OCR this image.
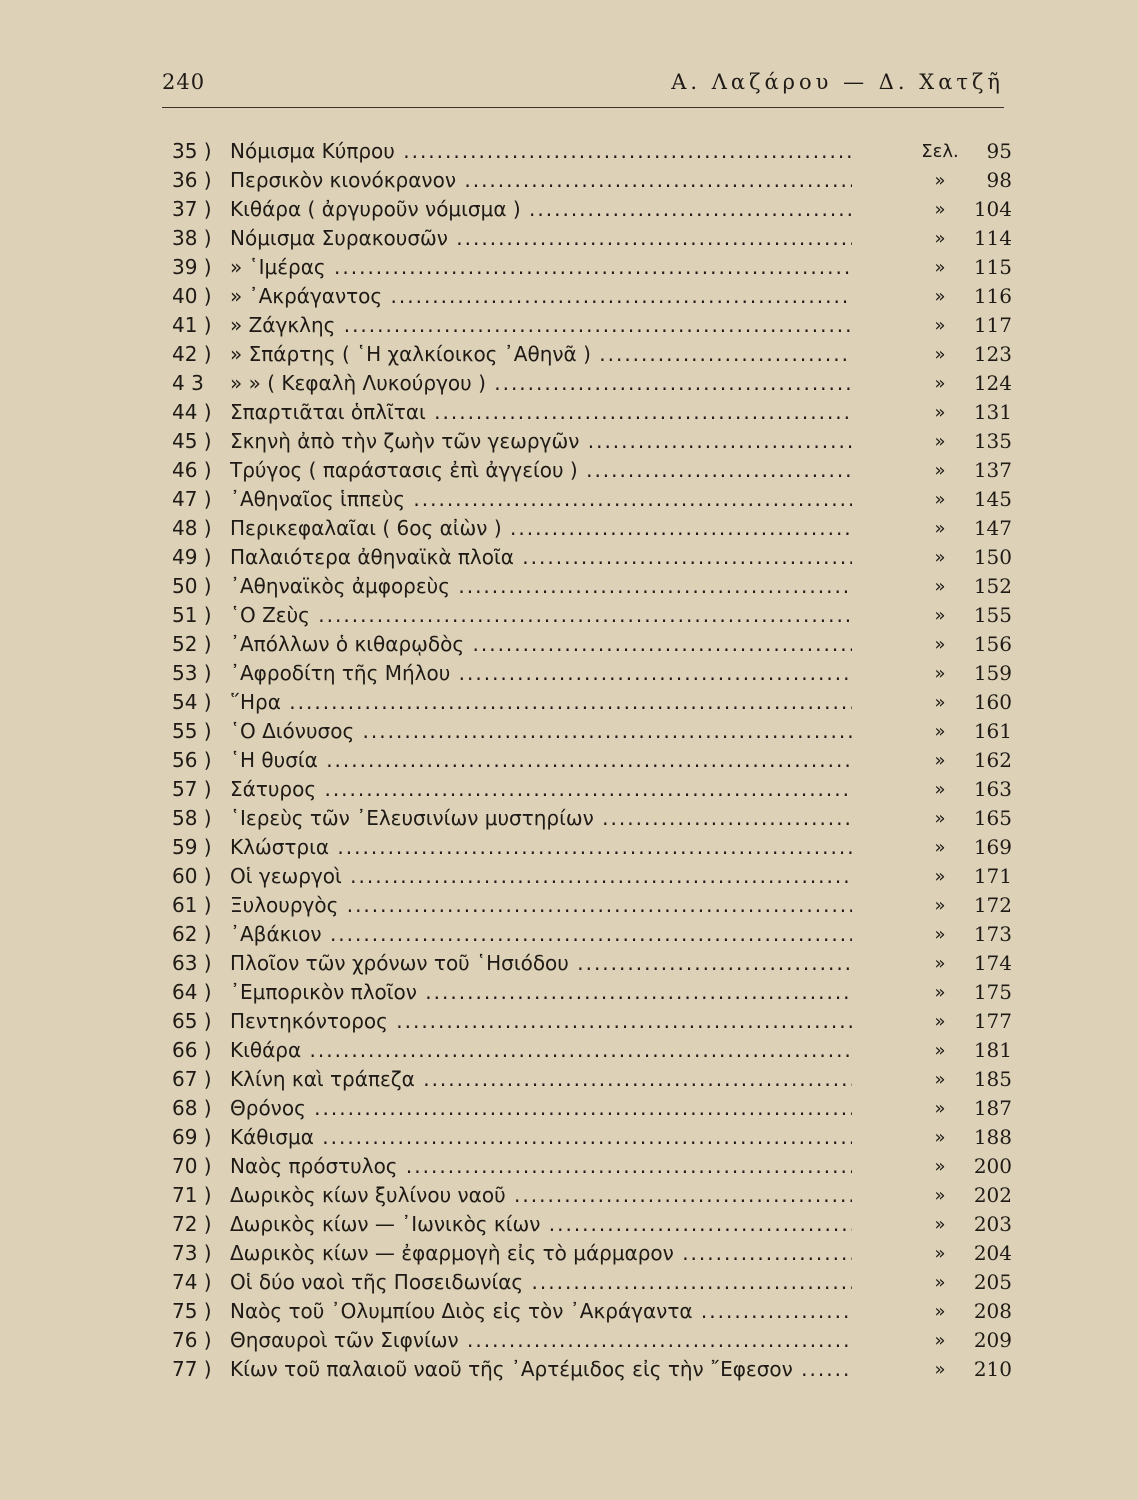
240	Α. Λαζάρου — Δ. Χατζῆ
35 ) Νόμισμα Κύπρου .....	Σελ.	95
36 ) Περσικὸν κιονόκρανον .....	»	98
37 ) Κιθάρα ( ἀργυροῦν νόμισμα ) .....	»	104
38 ) Νόμισμα Συρακουσῶν .....	»	114
39 ) » ῾Ιμέρας .....	»	115
40 ) » ᾿Ακράγαντος .....	»	116
41 ) » Ζάγκλης .....	»	117
42 ) » Σπάρτης ( ῾Η χαλκίοικος ᾿Αθηνᾶ ) .....	»	123
4 3	» » ( Κεφαλὴ Λυκούργου ) .....	»	124
44 ) Σπαρτιᾶται ὁπλῖται .....	»	131
45 ) Σκηνὴ ἀπὸ τὴν ζωὴν τῶν γεωργῶν .....	»	135
46 ) Τρύγος ( παράστασις ἐπὶ ἀγγείου ) .....	»	137
47 ) ᾿Αθηναῖος ἱππεὺς .....	»	145
48 ) Περικεφαλαῖαι ( 6ος αἰὼν ) .....	»	147
49 ) Παλαιότερα ἀθηναϊκὰ πλοῖα .....	»	150
50 ) ᾿Αθηναϊκὸς ἀμφορεὺς .....	»	152
51 ) ῾Ο Ζεὺς .....	»	155
52 ) ᾿Απόλλων ὁ κιθαρῳδὸς .....	»	156
53 ) ᾿Αφροδίτη τῆς Μήλου .....	»	159
54 ) ῞Ηρα .....	»	160
55 ) ῾Ο Διόνυσος .....	»	161
56 ) ῾Η θυσία .....	»	162
57 ) Σάτυρος .....	»	163
58 ) ῾Ιερεὺς τῶν ᾿Ελευσινίων μυστηρίων .....	»	165
59 ) Κλώστρια .....	»	169
60 ) Οἱ γεωργοὶ .....	»	171
61 ) Ξυλουργὸς .....	»	172
62 ) ᾿Αβάκιον .....	»	173
63 ) Πλοῖον τῶν χρόνων τοῦ ῾Ησιόδου .....	»	174
64 ) ᾿Εμπορικὸν πλοῖον .....	»	175
65 ) Πεντηκόντορος .....	»	177
66 ) Κιθάρα .....	»	181
67 ) Κλίνη καὶ τράπεζα .....	»	185
68 ) Θρόνος .....	»	187
69 ) Κάθισμα .....	»	188
70 ) Ναὸς πρόστυλος .....	»	200
71 ) Δωρικὸς κίων ξυλίνου ναοῦ .....	»	202
72 ) Δωρικὸς κίων — ᾿Ιωνικὸς κίων .....	»	203
73 ) Δωρικὸς κίων — ἐφαρμογὴ εἰς τὸ μάρμαρον .....	»	204
74 ) Οἱ δύο ναοὶ τῆς Ποσειδωνίας .....	»	205
75 ) Ναὸς τοῦ ᾿Ολυμπίου Διὸς εἰς τὸν ᾿Ακράγαντα .....	»	208
76 ) Θησαυροὶ τῶν Σιφνίων .....	»	209
77 ) Κίων τοῦ παλαιοῦ ναοῦ τῆς ᾿Αρτέμιδος εἰς τὴν ῎Εφεσον .....	»	210
